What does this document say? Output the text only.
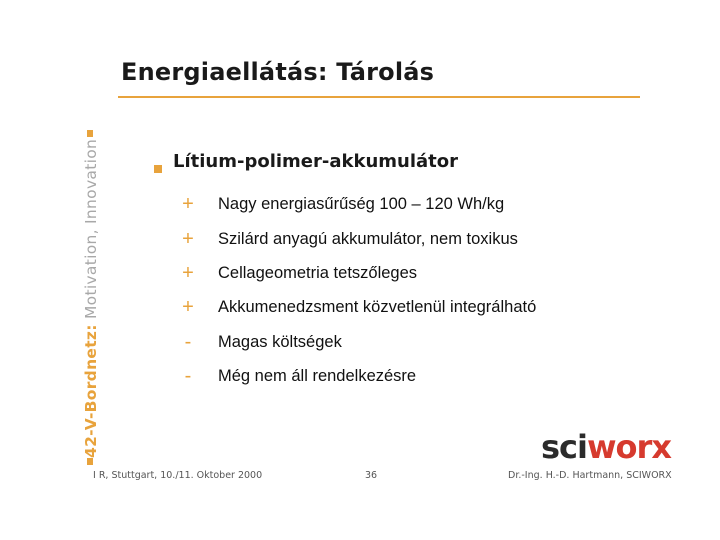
Energiaellátás: Tárolás
42-V-Bordnetz: Motivation, Innovation	Lítium-polimer-akkumulátor
+ Nagy energiasűrűség 100 – 120 Wh/kg
+ Szilárd anyagú akkumulátor, nem toxikus
+ Cellageometria tetszőleges
+ Akkumenedzsment közvetlenül integrálható
- Magas költségek
- Még nem áll rendelkezésre
sciworx
I R, Stuttgart, 10./11. Oktober 2000	36	Dr.-Ing. H.-D. Hartmann, SCIWORX
